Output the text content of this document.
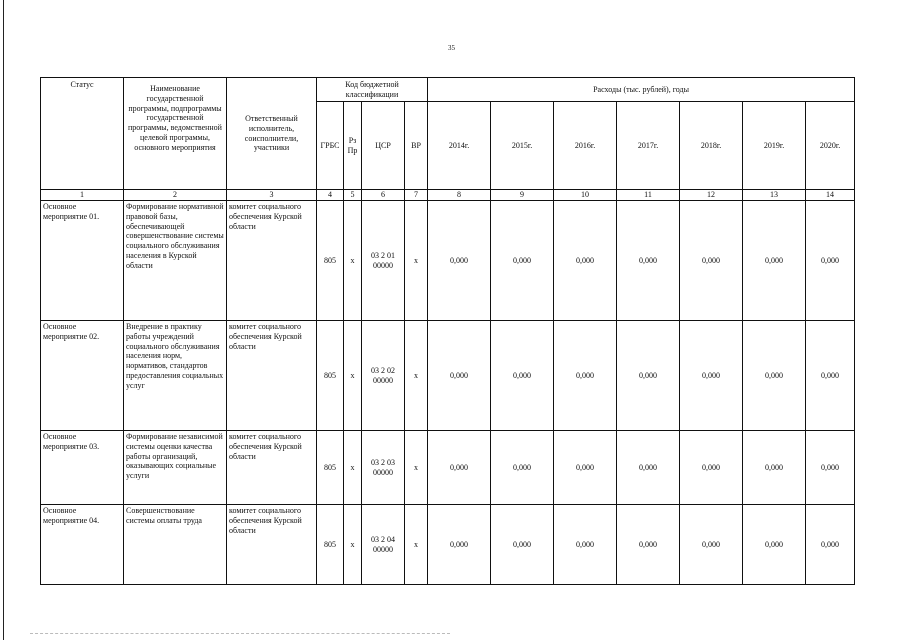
35
Статус	Наименование государственной программы, подпрограммы государственной программы, ведомственной целевой программы, основного мероприятия	Ответственный исполнитель, соисполнители, участники	Код бюджетной классификации				Расходы (тыс. рублей), годы						
			ГРБС	Рз Пр	ЦСР	ВР	2014г.	2015г.	2016г.	2017г.	2018г.	2019г.	2020г.
1	2	3	4	5	6	7	8	9	10	11	12	13	14
Основное мероприятие 01.	Формирование нормативной правовой базы, обеспечивающей совершенствование системы социального обслуживания населения в Курской области	комитет социального обеспечения Курской области	805	х	03 2 01 00000	х	0,000	0,000	0,000	0,000	0,000	0,000	0,000
Основное мероприятие 02.	Внедрение в практику работы учреждений социального обслуживания населения норм, нормативов, стандартов предоставления социальных услуг	комитет социального обеспечения Курской области	805	х	03 2 02 00000	х	0,000	0,000	0,000	0,000	0,000	0,000	0,000
Основное мероприятие 03.	Формирование независимой системы оценки качества работы организаций, оказывающих социальные услуги	комитет социального обеспечения Курской области	805	х	03 2 03 00000	х	0,000	0,000	0,000	0,000	0,000	0,000	0,000
Основное мероприятие 04.	Совершенствование системы оплаты труда	комитет социального обеспечения Курской области	805	х	03 2 04 00000	х	0,000	0,000	0,000	0,000	0,000	0,000	0,000
